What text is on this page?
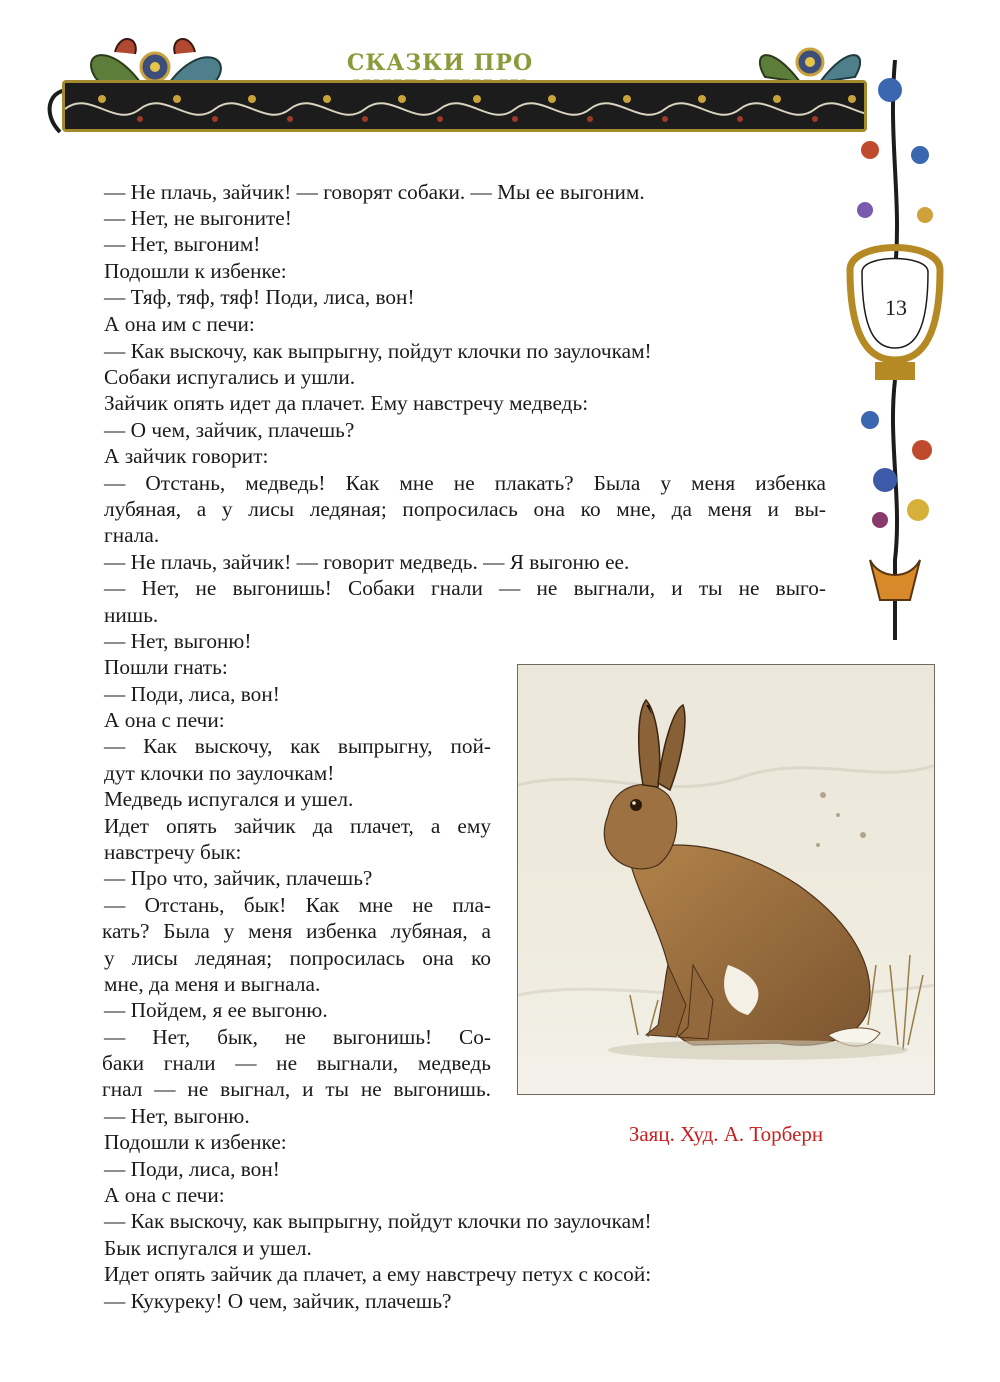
СКАЗКИ ПРО
13
— Не плачь, зайчик! — говорят собаки. — Мы ее выгоним.
— Нет, не выгоните!
— Нет, выгоним!
Подошли к избенке:
— Тяф, тяф, тяф! Поди, лиса, вон!
А она им с печи:
— Как выскочу, как выпрыгну, пойдут клочки по заулочкам!
Собаки испугались и ушли.
Зайчик опять идет да плачет. Ему навстречу медведь:
— О чем, зайчик, плачешь?
А зайчик говорит:
— Отстань, медведь! Как мне не плакать? Была у меня избенка
лубяная, а у лисы ледяная; попросилась она ко мне, да меня и вы-
гнала.
— Не плачь, зайчик! — говорит медведь. — Я выгоню ее.
— Нет, не выгонишь! Собаки гнали — не выгнали, и ты не выго-
нишь.
— Нет, выгоню!
Пошли гнать:
— Поди, лиса, вон!
А она с печи:
— Как выскочу, как выпрыгну, пой-
дут клочки по заулочкам!
Медведь испугался и ушел.
Идет опять зайчик да плачет, а ему
навстречу бык:
— Про что, зайчик, плачешь?
— Отстань, бык! Как мне не пла-
кать? Была у меня избенка лубяная, а
у лисы ледяная; попросилась она ко
мне, да меня и выгнала.
— Пойдем, я ее выгоню.
— Нет, бык, не выгонишь! Со-
баки гнали — не выгнали, медведь
гнал — не выгнал, и ты не выгонишь.
— Нет, выгоню.
Подошли к избенке:
— Поди, лиса, вон!
А она с печи:
— Как выскочу, как выпрыгну, пойдут клочки по заулочкам!
Бык испугался и ушел.
Идет опять зайчик да плачет, а ему навстречу петух с косой:
— Кукуреку! О чем, зайчик, плачешь?
Заяц. Худ. А. Торберн
